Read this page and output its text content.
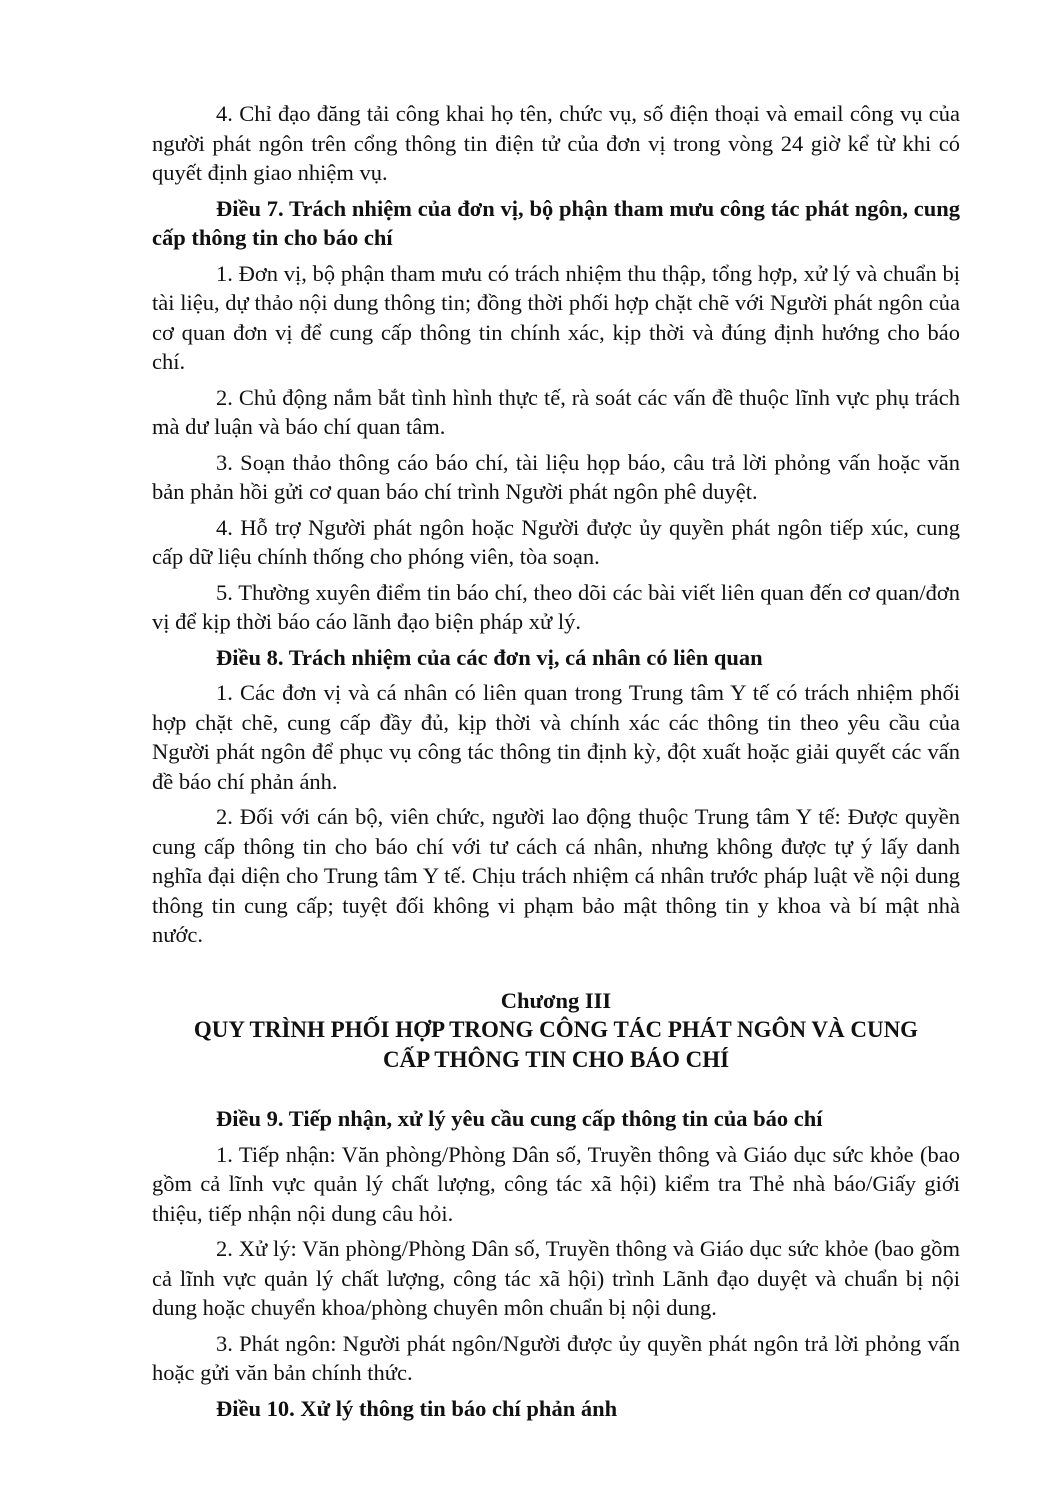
4. Chỉ đạo đăng tải công khai họ tên, chức vụ, số điện thoại và email công vụ của người phát ngôn trên cổng thông tin điện tử của đơn vị trong vòng 24 giờ kể từ khi có quyết định giao nhiệm vụ.

Điều 7. Trách nhiệm của đơn vị, bộ phận tham mưu công tác phát ngôn, cung cấp thông tin cho báo chí

1. Đơn vị, bộ phận tham mưu có trách nhiệm thu thập, tổng hợp, xử lý và chuẩn bị tài liệu, dự thảo nội dung thông tin; đồng thời phối hợp chặt chẽ với Người phát ngôn của cơ quan đơn vị để cung cấp thông tin chính xác, kịp thời và đúng định hướng cho báo chí.

2. Chủ động nắm bắt tình hình thực tế, rà soát các vấn đề thuộc lĩnh vực phụ trách mà dư luận và báo chí quan tâm.

3. Soạn thảo thông cáo báo chí, tài liệu họp báo, câu trả lời phỏng vấn hoặc văn bản phản hồi gửi cơ quan báo chí trình Người phát ngôn phê duyệt.

4. Hỗ trợ Người phát ngôn hoặc Người được ủy quyền phát ngôn tiếp xúc, cung cấp dữ liệu chính thống cho phóng viên, tòa soạn.

5. Thường xuyên điểm tin báo chí, theo dõi các bài viết liên quan đến cơ quan/đơn vị để kịp thời báo cáo lãnh đạo biện pháp xử lý.

Điều 8. Trách nhiệm của các đơn vị, cá nhân có liên quan

1. Các đơn vị và cá nhân có liên quan trong Trung tâm Y tế có trách nhiệm phối hợp chặt chẽ, cung cấp đầy đủ, kịp thời và chính xác các thông tin theo yêu cầu của Người phát ngôn để phục vụ công tác thông tin định kỳ, đột xuất hoặc giải quyết các vấn đề báo chí phản ánh.

2. Đối với cán bộ, viên chức, người lao động thuộc Trung tâm Y tế: Được quyền cung cấp thông tin cho báo chí với tư cách cá nhân, nhưng không được tự ý lấy danh nghĩa đại diện cho Trung tâm Y tế. Chịu trách nhiệm cá nhân trước pháp luật về nội dung thông tin cung cấp; tuyệt đối không vi phạm bảo mật thông tin y khoa và bí mật nhà nước.

Chương III

QUY TRÌNH PHỐI HỢP TRONG CÔNG TÁC PHÁT NGÔN VÀ CUNG

CẤP THÔNG TIN CHO BÁO CHÍ

Điều 9. Tiếp nhận, xử lý yêu cầu cung cấp thông tin của báo chí

1. Tiếp nhận: Văn phòng/Phòng Dân số, Truyền thông và Giáo dục sức khỏe (bao gồm cả lĩnh vực quản lý chất lượng, công tác xã hội) kiểm tra Thẻ nhà báo/Giấy giới thiệu, tiếp nhận nội dung câu hỏi.

2. Xử lý: Văn phòng/Phòng Dân số, Truyền thông và Giáo dục sức khỏe (bao gồm cả lĩnh vực quản lý chất lượng, công tác xã hội) trình Lãnh đạo duyệt và chuẩn bị nội dung hoặc chuyển khoa/phòng chuyên môn chuẩn bị nội dung.

3. Phát ngôn: Người phát ngôn/Người được ủy quyền phát ngôn trả lời phỏng vấn hoặc gửi văn bản chính thức.

Điều 10. Xử lý thông tin báo chí phản ánh
